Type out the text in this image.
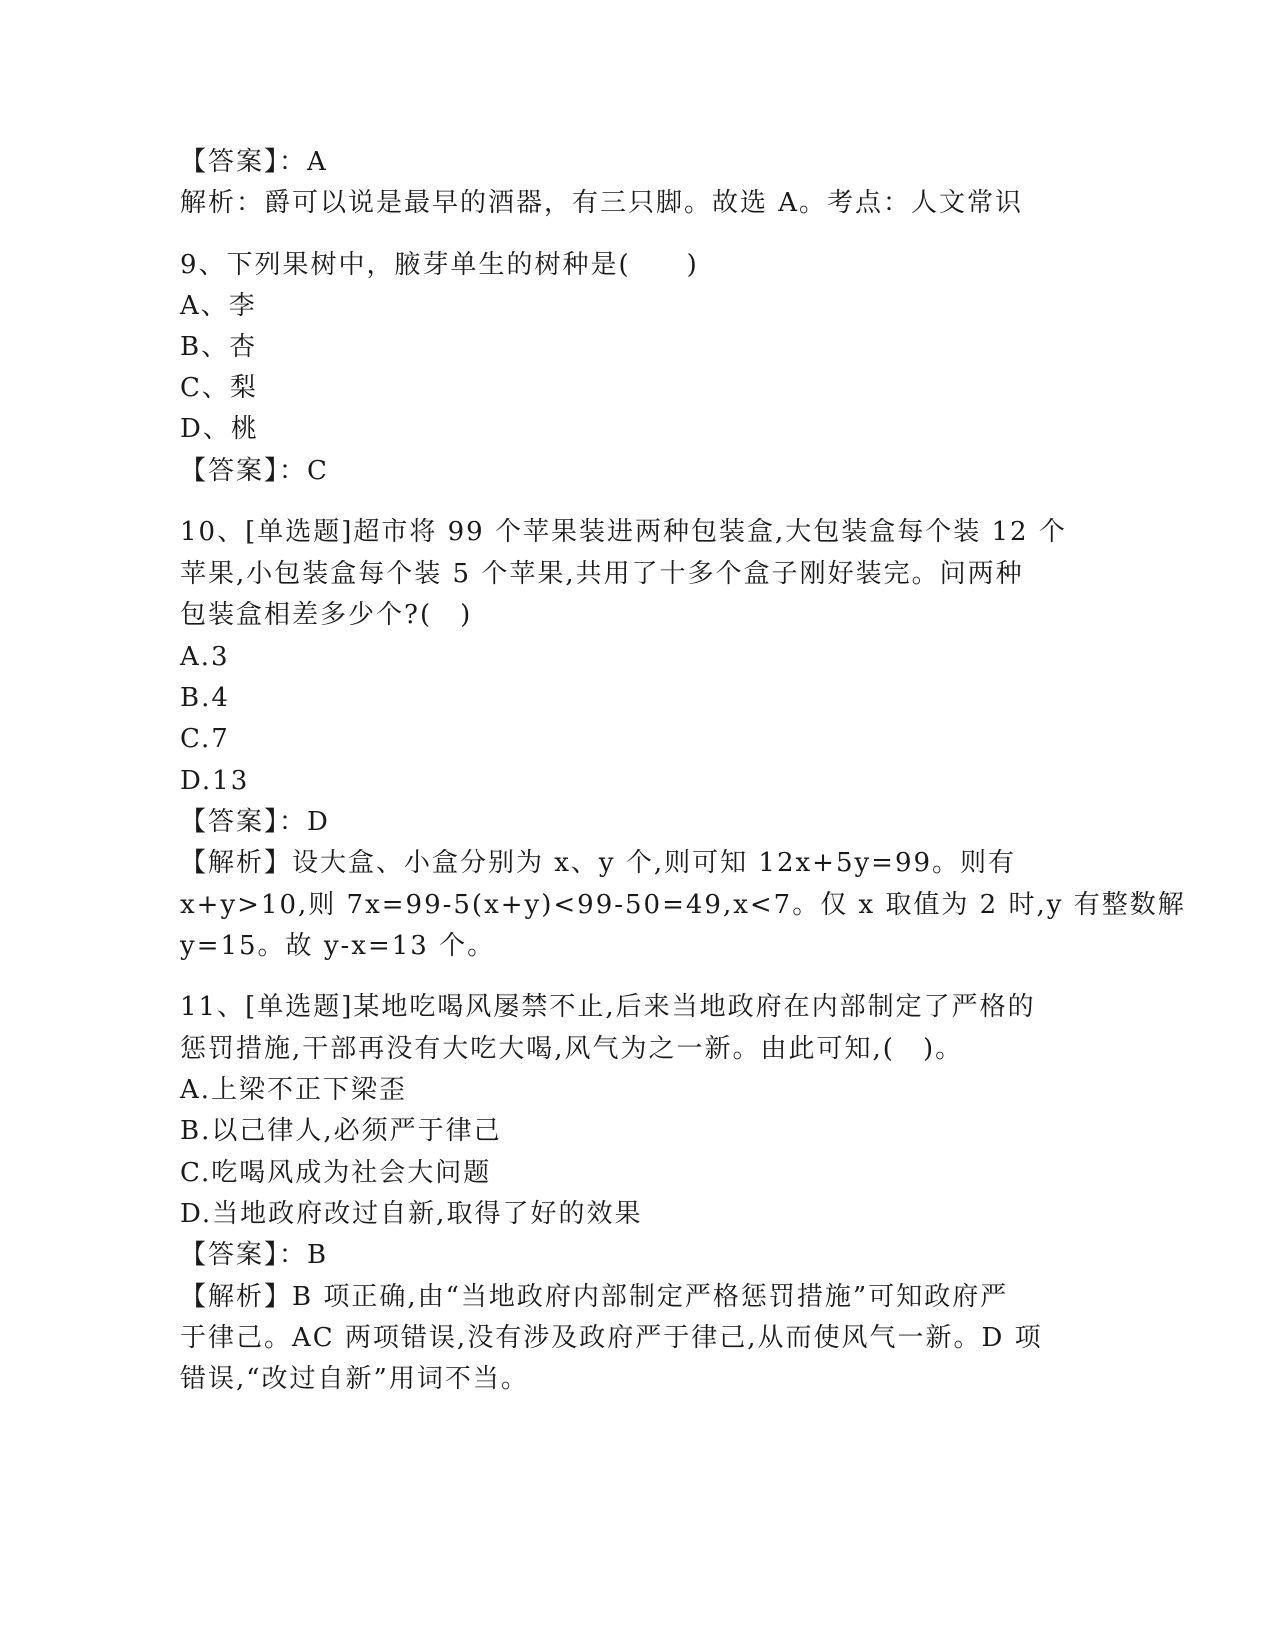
【答案】：A
解析：爵可以说是最早的酒器，有三只脚。故选 A。考点：人文常识
9、下列果树中，腋芽单生的树种是(　　)
A、李
B、杏
C、梨
D、桃
【答案】：C
10、[单选题]超市将 99 个苹果装进两种包装盒,大包装盒每个装 12 个
苹果,小包装盒每个装 5 个苹果,共用了十多个盒子刚好装完。问两种
包装盒相差多少个?(　)
A.3
B.4
C.7
D.13
【答案】：D
【解析】设大盒、小盒分别为 x、y 个,则可知 12x+5y=99。则有
x+y>10,则 7x=99-5(x+y)<99-50=49,x<7。仅 x 取值为 2 时,y 有整数解
y=15。故 y-x=13 个。
11、[单选题]某地吃喝风屡禁不止,后来当地政府在内部制定了严格的
惩罚措施,干部再没有大吃大喝,风气为之一新。由此可知,(　)。
A.上梁不正下梁歪
B.以己律人,必须严于律己
C.吃喝风成为社会大问题
D.当地政府改过自新,取得了好的效果
【答案】：B
【解析】B 项正确,由“当地政府内部制定严格惩罚措施”可知政府严
于律己。AC 两项错误,没有涉及政府严于律己,从而使风气一新。D 项
错误,“改过自新”用词不当。
